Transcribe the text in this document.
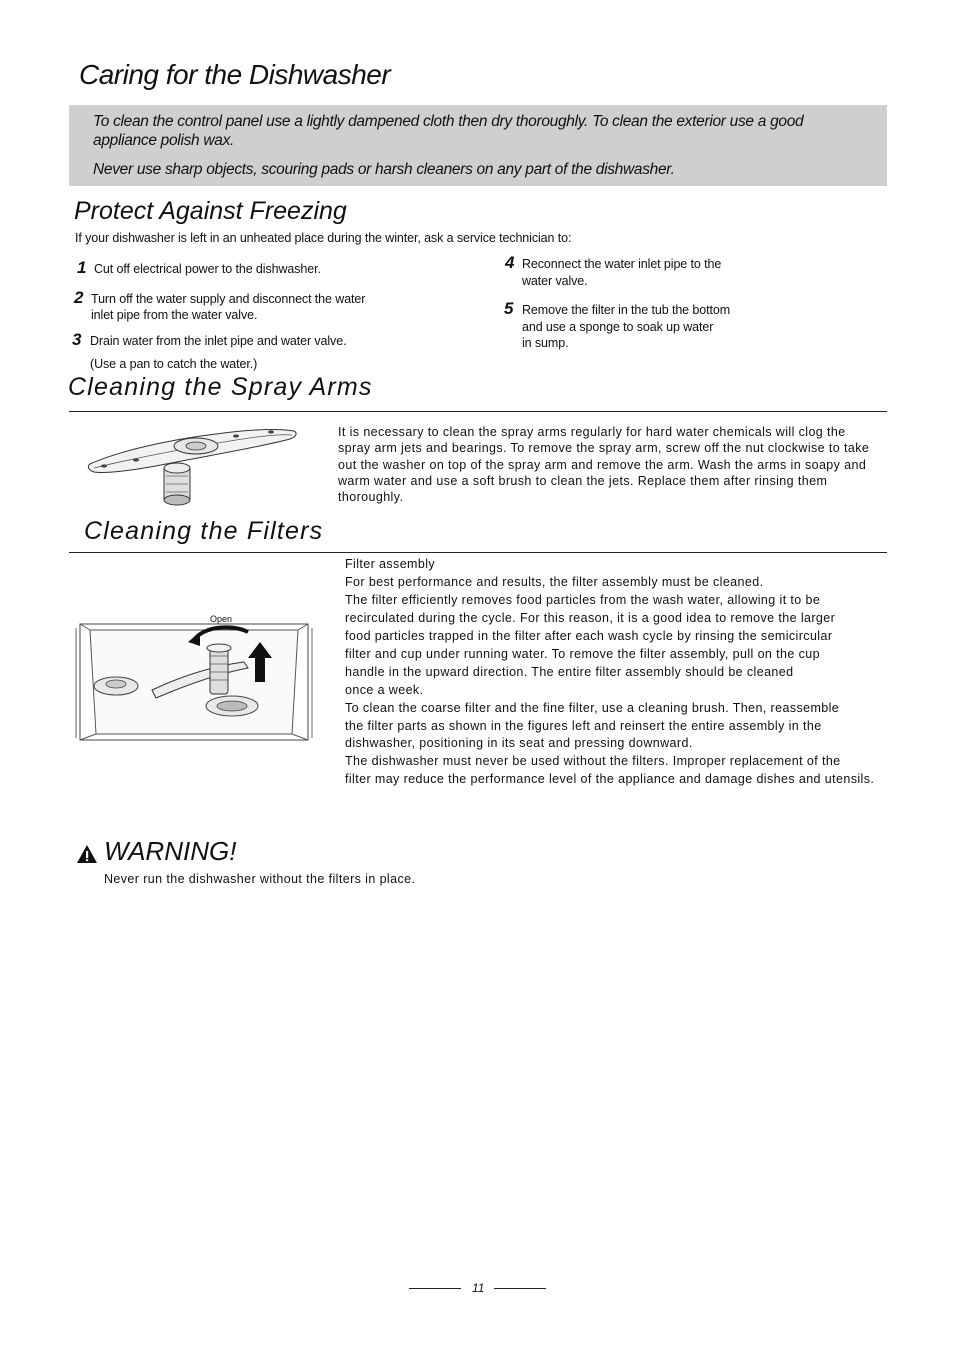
Caring for the Dishwasher
To clean the control panel use a lightly dampened cloth then dry thoroughly. To clean the exterior use a good
appliance polish wax.
Never use sharp objects, scouring pads or harsh cleaners on any part of the dishwasher.
Protect Against Freezing
If your dishwasher is left in an unheated place during the winter, ask a service technician to:
1 Cut off electrical power to the dishwasher.
2 Turn off the water supply and disconnect the water
inlet pipe from the water valve.
3 Drain water from the inlet pipe and water valve.
(Use a pan to catch the water.)
4 Reconnect the water inlet pipe to the
water valve.
5 Remove the filter in the tub the bottom
and use a sponge to soak up water
in sump.
Cleaning the Spray Arms
It is necessary to clean the spray arms regularly for hard water chemicals will clog the
spray arm jets and bearings. To remove the spray arm, screw off the nut clockwise to take
out the washer on top of the spray arm and remove the arm. Wash the arms in soapy and
warm water and use a soft brush to clean the jets. Replace them after rinsing them
thoroughly.
Cleaning the Filters
Open
Filter assembly
For best performance and results, the filter assembly must be cleaned.
The filter efficiently removes food particles from the wash water, allowing it to be
recirculated during the cycle. For this reason, it is a good idea to remove the larger
food particles trapped in the filter after each wash cycle by rinsing the semicircular
filter and cup under running water. To remove the filter assembly, pull on the cup
handle in the upward direction. The entire filter assembly should be cleaned
once a week.
To clean the coarse filter and the fine filter, use a cleaning brush. Then, reassemble
the filter parts as shown in the figures left and reinsert the entire assembly in the
dishwasher, positioning in its seat and pressing downward.
The dishwasher must never be used without the filters. Improper replacement of the
filter may reduce the performance level of the appliance and damage dishes and utensils.
WARNING!
Never run the dishwasher without the filters in place.
11
